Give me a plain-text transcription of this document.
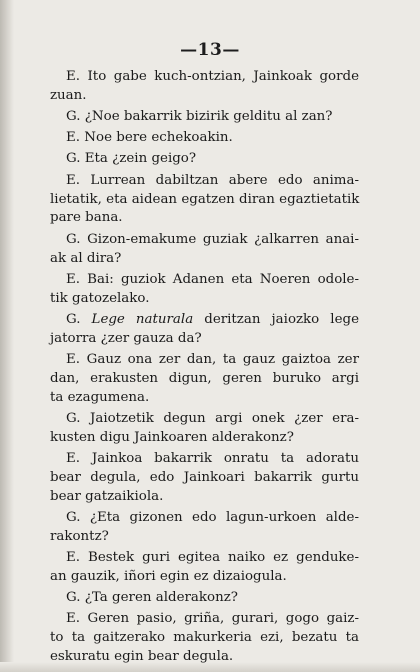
—13—
E. Ito gabe kuch-ontzian, Jainkoak gorde
zuan.
G. ¿Noe bakarrik bizirik gelditu al zan?
E. Noe bere echekoakin.
G. Eta ¿zein geigo?
E. Lurrean dabiltzan abere edo anima-
lietatik, eta aidean egatzen diran egaztietatik
pare bana.
G. Gizon-emakume guziak ¿alkarren anai-
ak al dira?
E. Bai: guziok Adanen eta Noeren odole-
tik gatozelako.
G. Lege naturala deritzan jaiozko lege
jatorra ¿zer gauza da?
E. Gauz ona zer dan, ta gauz gaiztoa zer
dan, erakusten digun, geren buruko argi
ta ezagumena.
G. Jaiotzetik degun argi onek ¿zer era-
kusten digu Jainkoaren alderakonz?
E. Jainkoa bakarrik onratu ta adoratu
bear degula, edo Jainkoari bakarrik gurtu
bear gatzaikiola.
G. ¿Eta gizonen edo lagun-urkoen alde-
rakontz?
E. Bestek guri egitea naiko ez genduke-
an gauzik, iñori egin ez dizaiogula.
G. ¿Ta geren alderakonz?
E. Geren pasio, griña, gurari, gogo gaiz-
to ta gaitzerako makurkeria ezi, bezatu ta
eskuratu egin bear degula.
